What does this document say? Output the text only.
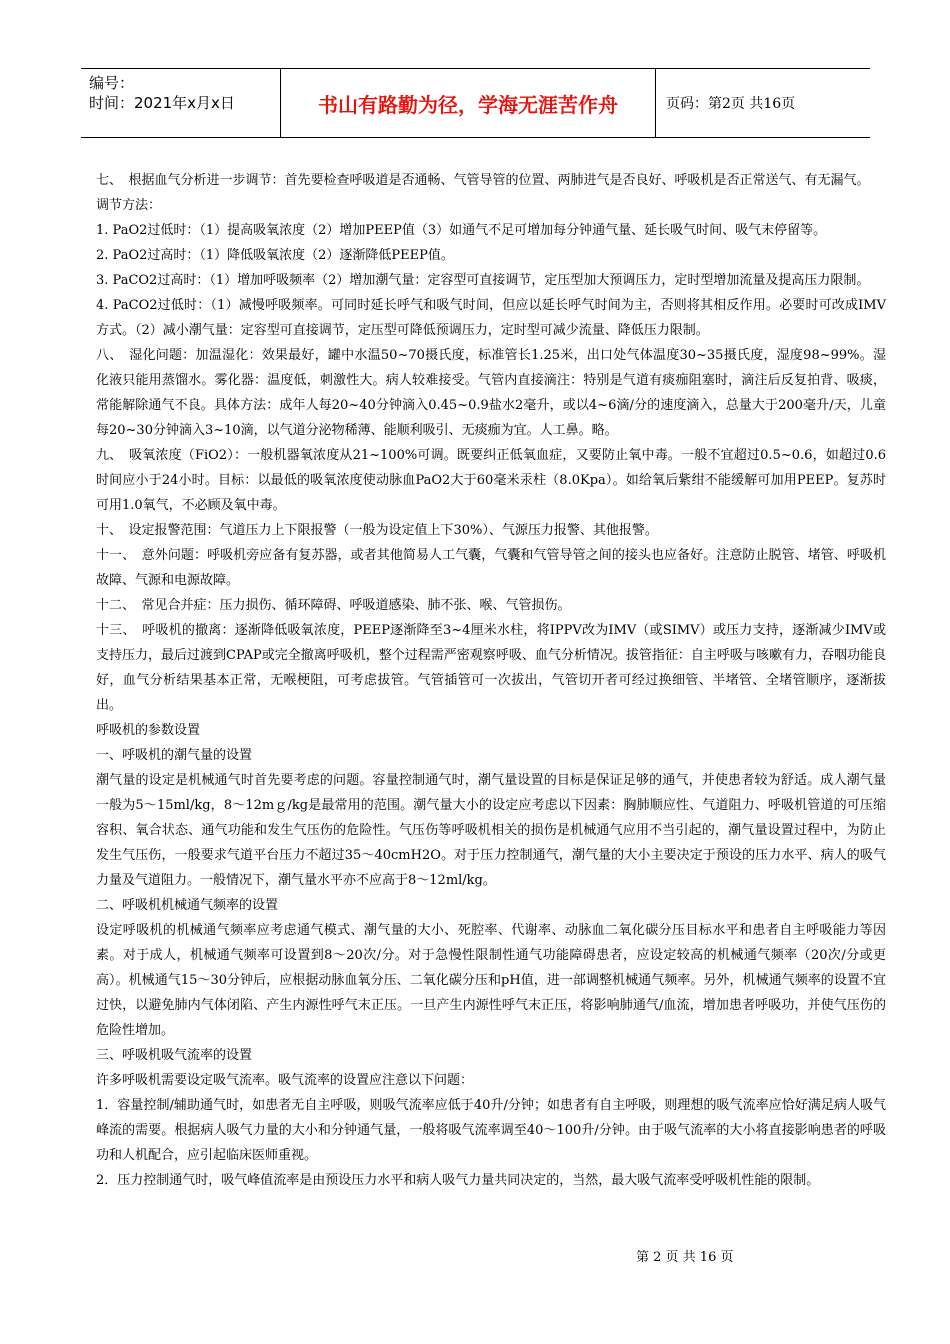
编号：
时间：2021年x月x日	书山有路勤为径，学海无涯苦作舟	页码：第2页 共16页

七、　根据血气分析进一步调节：首先要检查呼吸道是否通畅、气管导管的位置、两肺进气是否良好、呼吸机是否正常送气、有无漏气。

调节方法：

1. PaO2过低时：（1）提高吸氧浓度（2）增加PEEP值（3）如通气不足可增加每分钟通气量、延长吸气时间、吸气末停留等。

2. PaO2过高时：（1）降低吸氧浓度（2）逐渐降低PEEP值。

3. PaCO2过高时：（1）增加呼吸频率（2）增加潮气量：定容型可直接调节，定压型加大预调压力，定时型增加流量及提高压力限制。

4. PaCO2过低时：（1）减慢呼吸频率。可同时延长呼气和吸气时间，但应以延长呼气时间为主，否则将其相反作用。必要时可改成IMV方式。（2）减小潮气量：定容型可直接调节，定压型可降低预调压力，定时型可减少流量、降低压力限制。

八、　湿化问题：加温湿化：效果最好，罐中水温50~70摄氏度，标准管长1.25米，出口处气体温度30~35摄氏度，湿度98~99%。湿化液只能用蒸馏水。雾化器：温度低，刺激性大。病人较难接受。气管内直接滴注：特别是气道有痰痂阻塞时，滴注后反复拍背、吸痰，常能解除通气不良。具体方法：成年人每20~40分钟滴入0.45~0.9盐水2毫升，或以4~6滴/分的速度滴入，总量大于200毫升/天，儿童每20~30分钟滴入3~10滴，以气道分泌物稀薄、能顺利吸引、无痰痂为宜。人工鼻。略。

九、　吸氧浓度（FiO2）：一般机器氧浓度从21~100%可调。既要纠正低氧血症，又要防止氧中毒。一般不宜超过0.5~0.6，如超过0.6时间应小于24小时。目标：以最低的吸氧浓度使动脉血PaO2大于60毫米汞柱（8.0Kpa）。如给氧后紫绀不能缓解可加用PEEP。复苏时可用1.0氧气，不必顾及氧中毒。

十、　设定报警范围：气道压力上下限报警（一般为设定值上下30%）、气源压力报警、其他报警。

十一、　意外问题：呼吸机旁应备有复苏器，或者其他简易人工气囊，气囊和气管导管之间的接头也应备好。注意防止脱管、堵管、呼吸机故障、气源和电源故障。

十二、　常见合并症：压力损伤、循环障碍、呼吸道感染、肺不张、喉、气管损伤。

十三、　呼吸机的撤离：逐渐降低吸氧浓度，PEEP逐渐降至3~4厘米水柱，将IPPV改为IMV（或SIMV）或压力支持，逐渐减少IMV或支持压力，最后过渡到CPAP或完全撤离呼吸机，整个过程需严密观察呼吸、血气分析情况。拔管指征：自主呼吸与咳嗽有力，吞咽功能良好，血气分析结果基本正常，无喉梗阻，可考虑拔管。气管插管可一次拔出，气管切开者可经过换细管、半堵管、全堵管顺序，逐渐拔出。

呼吸机的参数设置

一、呼吸机的潮气量的设置

潮气量的设定是机械通气时首先要考虑的问题。容量控制通气时，潮气量设置的目标是保证足够的通气，并使患者较为舒适。成人潮气量一般为5～15ml/kg，8～12mｇ/kg是最常用的范围。潮气量大小的设定应考虑以下因素：胸肺顺应性、气道阻力、呼吸机管道的可压缩容积、氧合状态、通气功能和发生气压伤的危险性。气压伤等呼吸机相关的损伤是机械通气应用不当引起的，潮气量设置过程中，为防止发生气压伤，一般要求气道平台压力不超过35～40cmH2O。对于压力控制通气，潮气量的大小主要决定于预设的压力水平、病人的吸气力量及气道阻力。一般情况下，潮气量水平亦不应高于8～12ml/kg。

二、呼吸机机械通气频率的设置

设定呼吸机的机械通气频率应考虑通气模式、潮气量的大小、死腔率、代谢率、动脉血二氧化碳分压目标水平和患者自主呼吸能力等因素。对于成人，机械通气频率可设置到8～20次/分。对于急慢性限制性通气功能障碍患者，应设定较高的机械通气频率（20次/分或更高）。机械通气15～30分钟后，应根据动脉血氧分压、二氧化碳分压和pH值，进一部调整机械通气频率。另外，机械通气频率的设置不宜过快，以避免肺内气体闭陷、产生内源性呼气末正压。一旦产生内源性呼气末正压，将影响肺通气/血流，增加患者呼吸功，并使气压伤的危险性增加。

三、呼吸机吸气流率的设置

许多呼吸机需要设定吸气流率。吸气流率的设置应注意以下问题：

1．容量控制/辅助通气时，如患者无自主呼吸，则吸气流率应低于40升/分钟；如患者有自主呼吸，则理想的吸气流率应恰好满足病人吸气峰流的需要。根据病人吸气力量的大小和分钟通气量，一般将吸气流率调至40～100升/分钟。由于吸气流率的大小将直接影响患者的呼吸功和人机配合，应引起临床医师重视。

2．压力控制通气时，吸气峰值流率是由预设压力水平和病人吸气力量共同决定的，当然，最大吸气流率受呼吸机性能的限制。

第 2 页 共 16 页
